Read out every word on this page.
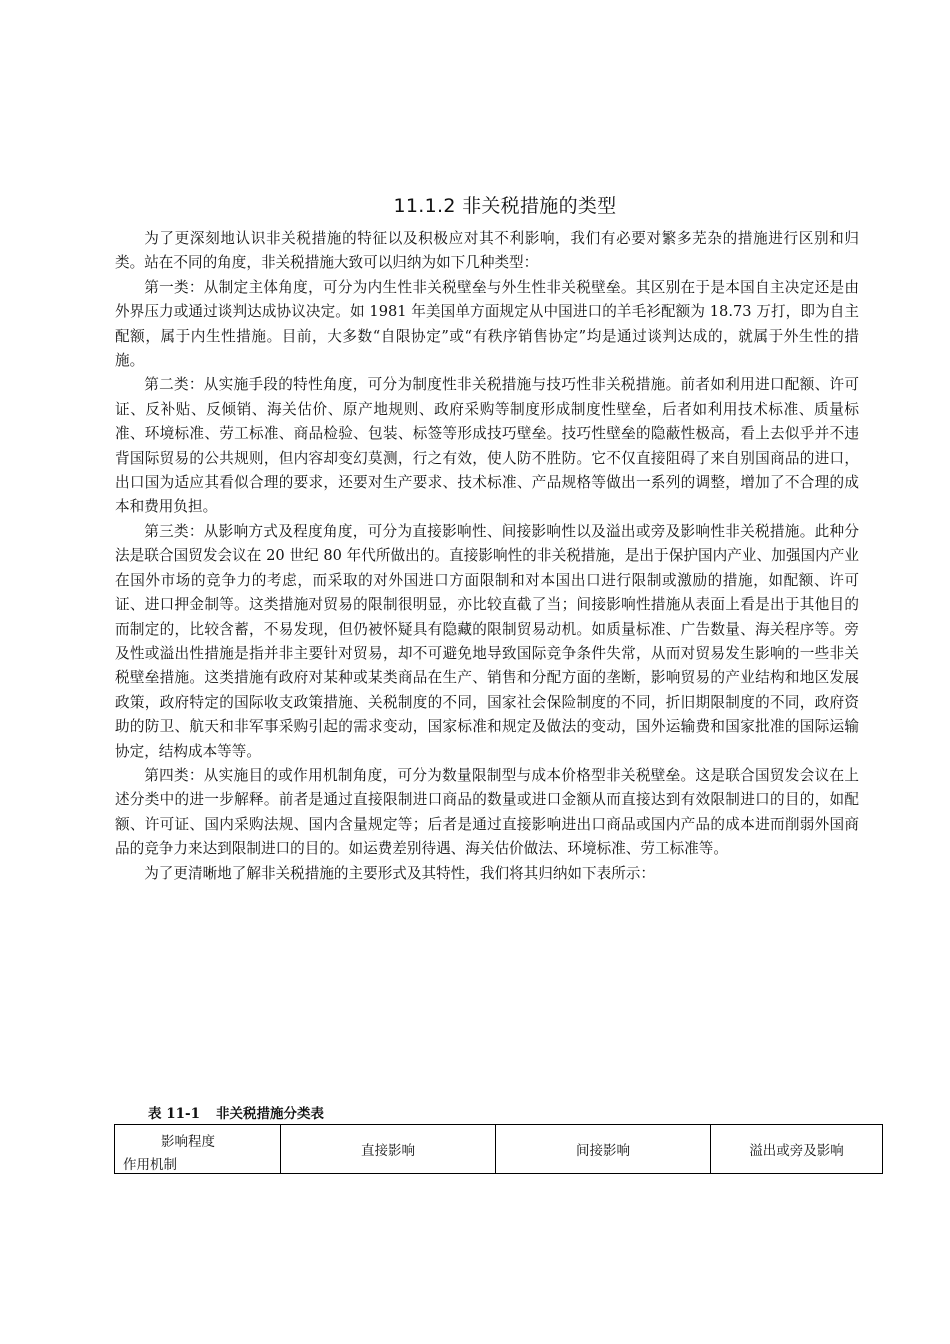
11.1.2 非关税措施的类型

为了更深刻地认识非关税措施的特征以及积极应对其不利影响，我们有必要对繁多芜杂的措施进行区别和归类。站在不同的角度，非关税措施大致可以归纳为如下几种类型：

第一类：从制定主体角度，可分为内生性非关税壁垒与外生性非关税壁垒。其区别在于是本国自主决定还是由外界压力或通过谈判达成协议决定。如 1981 年美国单方面规定从中国进口的羊毛衫配额为 18.73 万打，即为自主配额，属于内生性措施。目前，大多数“自限协定”或“有秩序销售协定”均是通过谈判达成的，就属于外生性的措施。

第二类：从实施手段的特性角度，可分为制度性非关税措施与技巧性非关税措施。前者如利用进口配额、许可证、反补贴、反倾销、海关估价、原产地规则、政府采购等制度形成制度性壁垒，后者如利用技术标准、质量标准、环境标准、劳工标准、商品检验、包装、标签等形成技巧壁垒。技巧性壁垒的隐蔽性极高，看上去似乎并不违背国际贸易的公共规则，但内容却变幻莫测，行之有效，使人防不胜防。它不仅直接阻碍了来自别国商品的进口，出口国为适应其看似合理的要求，还要对生产要求、技术标准、产品规格等做出一系列的调整，增加了不合理的成本和费用负担。

第三类：从影响方式及程度角度，可分为直接影响性、间接影响性以及溢出或旁及影响性非关税措施。此种分法是联合国贸发会议在 20 世纪 80 年代所做出的。直接影响性的非关税措施，是出于保护国内产业、加强国内产业在国外市场的竞争力的考虑，而采取的对外国进口方面限制和对本国出口进行限制或激励的措施，如配额、许可证、进口押金制等。这类措施对贸易的限制很明显，亦比较直截了当；间接影响性措施从表面上看是出于其他目的而制定的，比较含蓄，不易发现，但仍被怀疑具有隐藏的限制贸易动机。如质量标准、广告数量、海关程序等。旁及性或溢出性措施是指并非主要针对贸易，却不可避免地导致国际竞争条件失常，从而对贸易发生影响的一些非关税壁垒措施。这类措施有政府对某种或某类商品在生产、销售和分配方面的垄断，影响贸易的产业结构和地区发展政策，政府特定的国际收支政策措施、关税制度的不同，国家社会保险制度的不同，折旧期限制度的不同，政府资助的防卫、航天和非军事采购引起的需求变动，国家标准和规定及做法的变动，国外运输费和国家批准的国际运输协定，结构成本等等。

第四类：从实施目的或作用机制角度，可分为数量限制型与成本价格型非关税壁垒。这是联合国贸发会议在上述分类中的进一步解释。前者是通过直接限制进口商品的数量或进口金额从而直接达到有效限制进口的目的，如配额、许可证、国内采购法规、国内含量规定等；后者是通过直接影响进出口商品或国内产品的成本进而削弱外国商品的竞争力来达到限制进口的目的。如运费差别待遇、海关估价做法、环境标准、劳工标准等。

为了更清晰地了解非关税措施的主要形式及其特性，我们将其归纳如下表所示：

表 11-1 非关税措施分类表
影响程度
作用机制
	直接影响	间接影响	溢出或旁及影响
